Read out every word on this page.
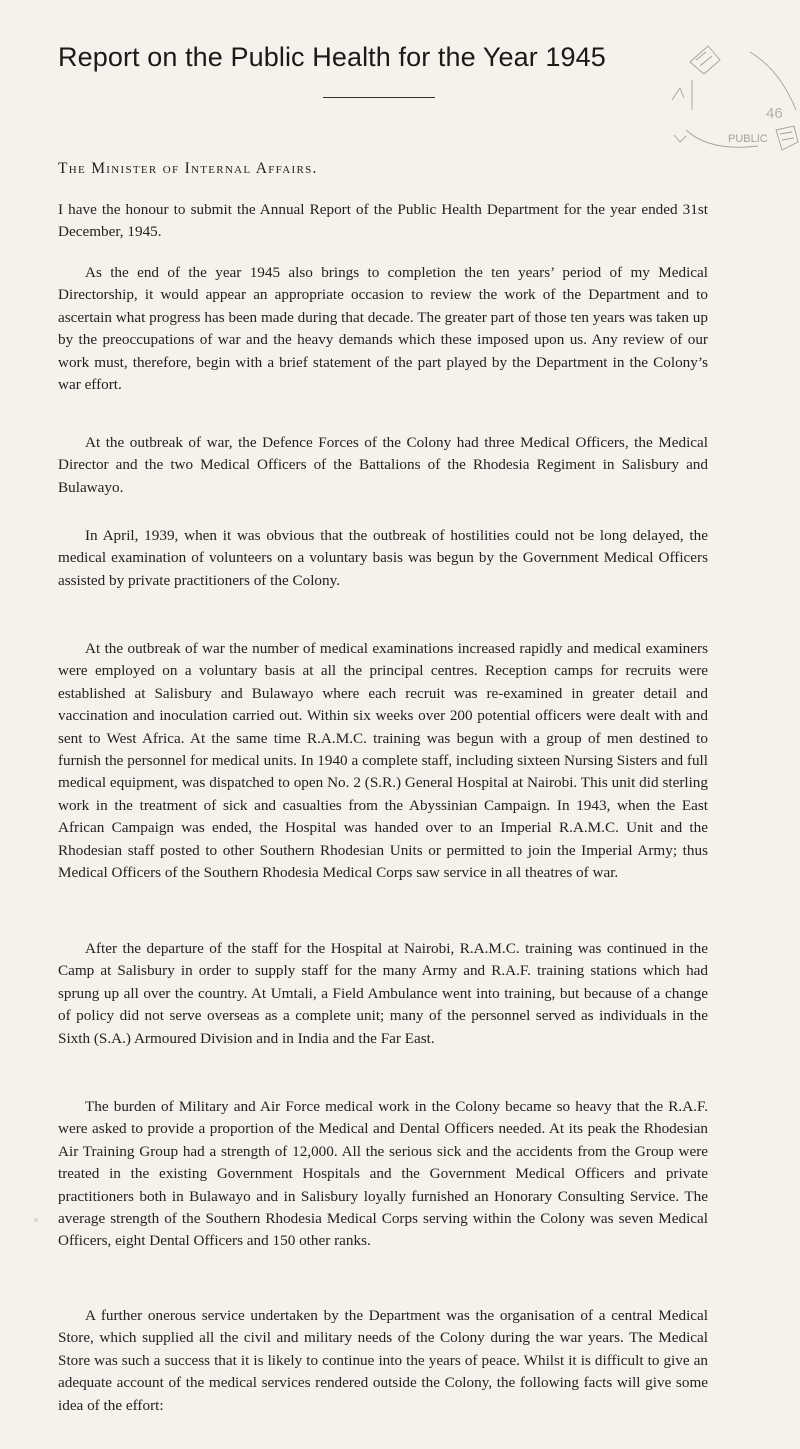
Report on the Public Health for the Year 1945
PUBLIC
46
The Minister of Internal Affairs.

I have the honour to submit the Annual Report of the Public Health Department for the year ended 31st December, 1945.

As the end of the year 1945 also brings to completion the ten years’ period of my Medical Directorship, it would appear an appropriate occasion to review the work of the Department and to ascertain what progress has been made during that decade. The greater part of those ten years was taken up by the preoccupations of war and the heavy demands which these imposed upon us. Any review of our work must, therefore, begin with a brief statement of the part played by the Department in the Colony’s war effort.

At the outbreak of war, the Defence Forces of the Colony had three Medical Officers, the Medical Director and the two Medical Officers of the Battalions of the Rhodesia Regiment in Salisbury and Bulawayo.

In April, 1939, when it was obvious that the outbreak of hostilities could not be long delayed, the medical examination of volunteers on a voluntary basis was begun by the Government Medical Officers assisted by private practitioners of the Colony.

At the outbreak of war the number of medical examinations increased rapidly and medical examiners were employed on a voluntary basis at all the principal centres. Reception camps for recruits were established at Salisbury and Bulawayo where each recruit was re-examined in greater detail and vaccination and inoculation carried out. Within six weeks over 200 potential officers were dealt with and sent to West Africa. At the same time R.A.M.C. training was begun with a group of men destined to furnish the personnel for medical units. In 1940 a complete staff, including sixteen Nursing Sisters and full medical equipment, was dispatched to open No. 2 (S.R.) General Hospital at Nairobi. This unit did sterling work in the treatment of sick and casualties from the Abyssinian Campaign. In 1943, when the East African Campaign was ended, the Hospital was handed over to an Imperial R.A.M.C. Unit and the Rhodesian staff posted to other Southern Rhodesian Units or permitted to join the Imperial Army; thus Medical Officers of the Southern Rhodesia Medical Corps saw service in all theatres of war.

After the departure of the staff for the Hospital at Nairobi, R.A.M.C. training was continued in the Camp at Salisbury in order to supply staff for the many Army and R.A.F. training stations which had sprung up all over the country. At Umtali, a Field Ambulance went into training, but because of a change of policy did not serve overseas as a complete unit; many of the personnel served as individuals in the Sixth (S.A.) Armoured Division and in India and the Far East.

The burden of Military and Air Force medical work in the Colony became so heavy that the R.A.F. were asked to provide a proportion of the Medical and Dental Officers needed. At its peak the Rhodesian Air Training Group had a strength of 12,000. All the serious sick and the accidents from the Group were treated in the existing Government Hospitals and the Government Medical Officers and private practitioners both in Bulawayo and in Salisbury loyally furnished an Honorary Consulting Service. The average strength of the Southern Rhodesia Medical Corps serving within the Colony was seven Medical Officers, eight Dental Officers and 150 other ranks.

A further onerous service undertaken by the Department was the organisation of a central Medical Store, which supplied all the civil and military needs of the Colony during the war years. The Medical Store was such a success that it is likely to continue into the years of peace. Whilst it is difficult to give an adequate account of the medical services rendered outside the Colony, the following facts will give some idea of the effort:
